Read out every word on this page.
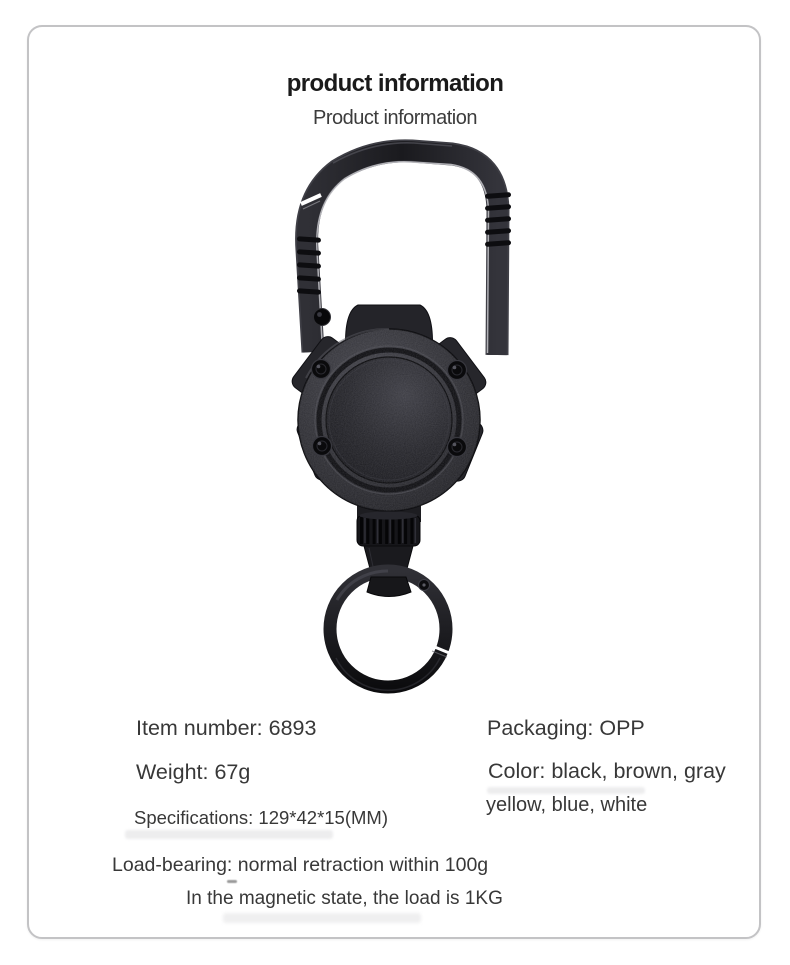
product information
Product information
Item number: 6893	Packaging: OPP
Weight: 67g	Color: black, brown, gray
yellow, blue, white
Specifications: 129*42*15(MM)
Load-bearing: normal retraction within 100g
In the magnetic state, the load is 1KG
